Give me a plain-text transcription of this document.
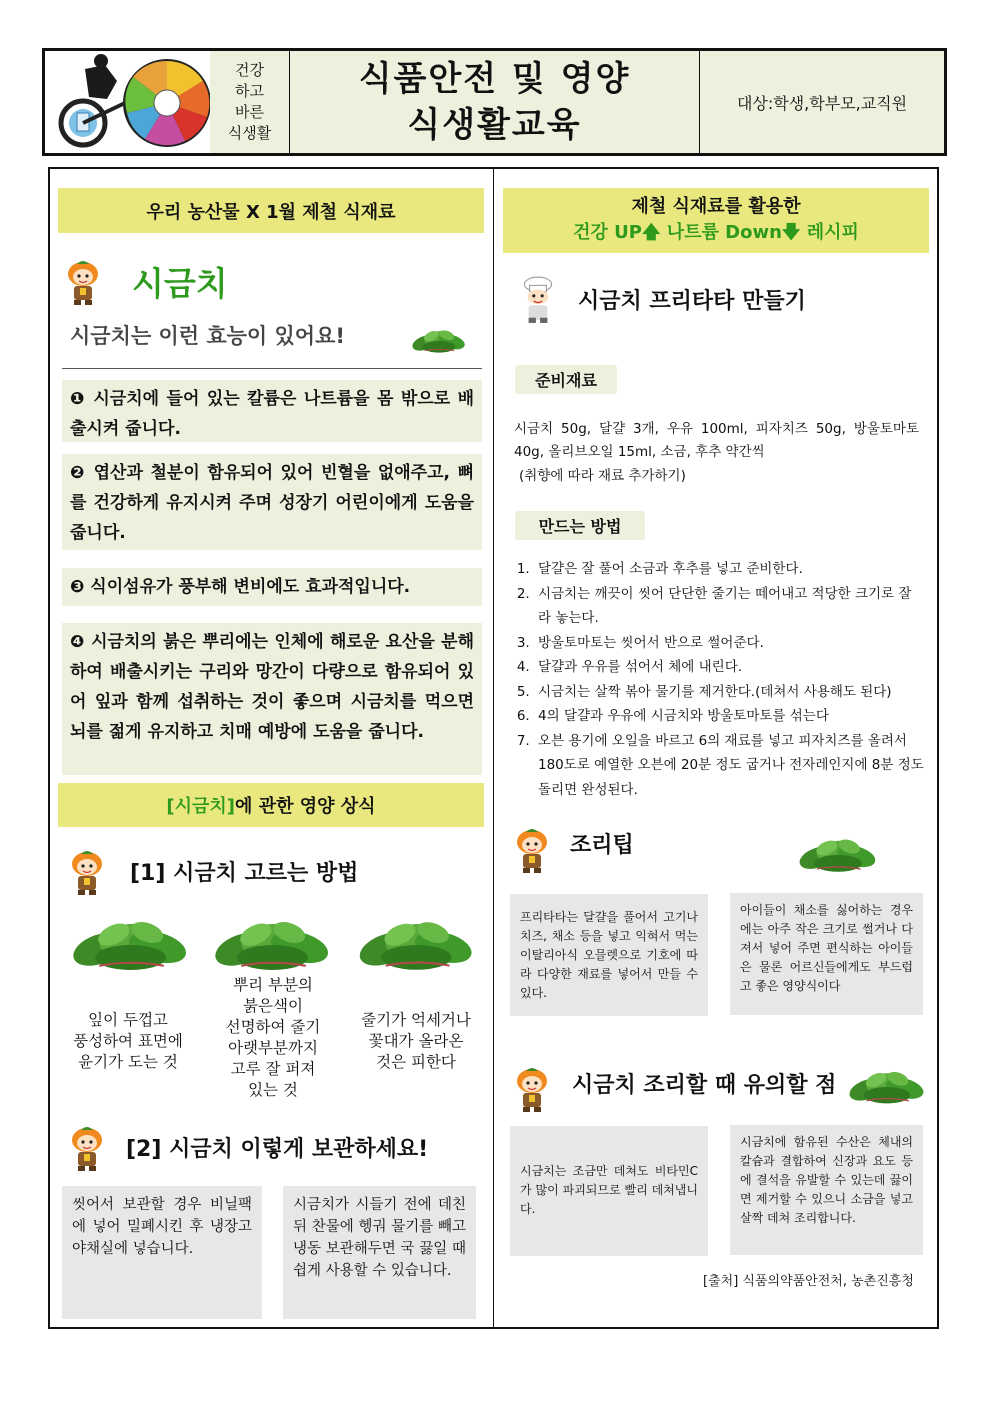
건강
하고
바른
식생활
식품안전 및 영양
식생활교육
대상:학생,학부모,교직원
우리 농산물 X 1월 제철 식재료
시금치
시금치는 이런 효능이 있어요!
❶ 시금치에 들어 있는 칼륨은 나트륨을 몸 밖으로 배출시켜 줍니다.
❷ 엽산과 철분이 함유되어 있어 빈혈을 없애주고, 뼈를 건강하게 유지시켜 주며 성장기 어린이에게 도움을 줍니다.
❸ 식이섬유가 풍부해 변비에도 효과적입니다.
❹ 시금치의 붉은 뿌리에는 인체에 해로운 요산을 분해하여 배출시키는 구리와 망간이 다량으로 함유되어 있어 잎과 함께 섭취하는 것이 좋으며 시금치를 먹으면 뇌를 젊게 유지하고 치매 예방에 도움을 줍니다.
[시금치] 에 관한 영양 상식
[1] 시금치 고르는 방법
잎이 두껍고
풍성하여 표면에
윤기가 도는 것
뿌리 부분의
붉은색이
선명하여 줄기
아랫부분까지
고루 잘 퍼져
있는 것
줄기가 억세거나
꽃대가 올라온
것은 피한다
[2] 시금치 이렇게 보관하세요!
씻어서 보관할 경우 비닐팩에 넣어 밀폐시킨 후 냉장고 야채실에 넣습니다.
시금치가 시들기 전에 데친 뒤 찬물에 헹궈 물기를 빼고 냉동 보관해두면 국 끓일 때 쉽게 사용할 수 있습니다.
제철 식재료를 활용한
건강 UP🡅 나트륨 Down🡇 레시피
시금치 프리타타 만들기
준비재료
시금치 50g, 달걀 3개, 우유 100ml, 피자치즈 50g, 방울토마토 40g, 올리브오일 15ml, 소금, 후추 약간씩
(취향에 따라 재료 추가하기)
만드는 방법
1. 달걀은 잘 풀어 소금과 후추를 넣고 준비한다.
2. 시금치는 깨끗이 씻어 단단한 줄기는 떼어내고 적당한 크기로 잘라 놓는다.
3. 방울토마토는 씻어서 반으로 썰어준다.
4. 달걀과 우유를 섞어서 체에 내린다.
5. 시금치는 살짝 볶아 물기를 제거한다.(데쳐서 사용해도 된다)
6. 4의 달걀과 우유에 시금치와 방울토마토를 섞는다
7. 오븐 용기에 오일을 바르고 6의 재료를 넣고 피자치즈를 올려서 180도로 예열한 오븐에 20분 정도 굽거나 전자레인지에 8분 정도 돌리면 완성된다.
조리팁
프리타타는 달걀을 풀어서 고기나 치즈, 채소 등을 넣고 익혀서 먹는 이탈리아식 오믈렛으로 기호에 따라 다양한 재료를 넣어서 만들 수 있다.
아이들이 채소를 싫어하는 경우에는 아주 작은 크기로 썰거나 다져서 넣어 주면 편식하는 아이들은 물론 어르신들에게도 부드럽고 좋은 영양식이다
시금치 조리할 때 유의할 점
시금치는 조금만 데쳐도 비타민C가 많이 파괴되므로 빨리 데쳐냅니다.
시금치에 함유된 수산은 체내의 칼슘과 결합하여 신장과 요도 등에 결석을 유발할 수 있는데 끓이면 제거할 수 있으니 소금을 넣고 살짝 데쳐 조리합니다.
[출처] 식품의약품안전처, 농촌진흥청
